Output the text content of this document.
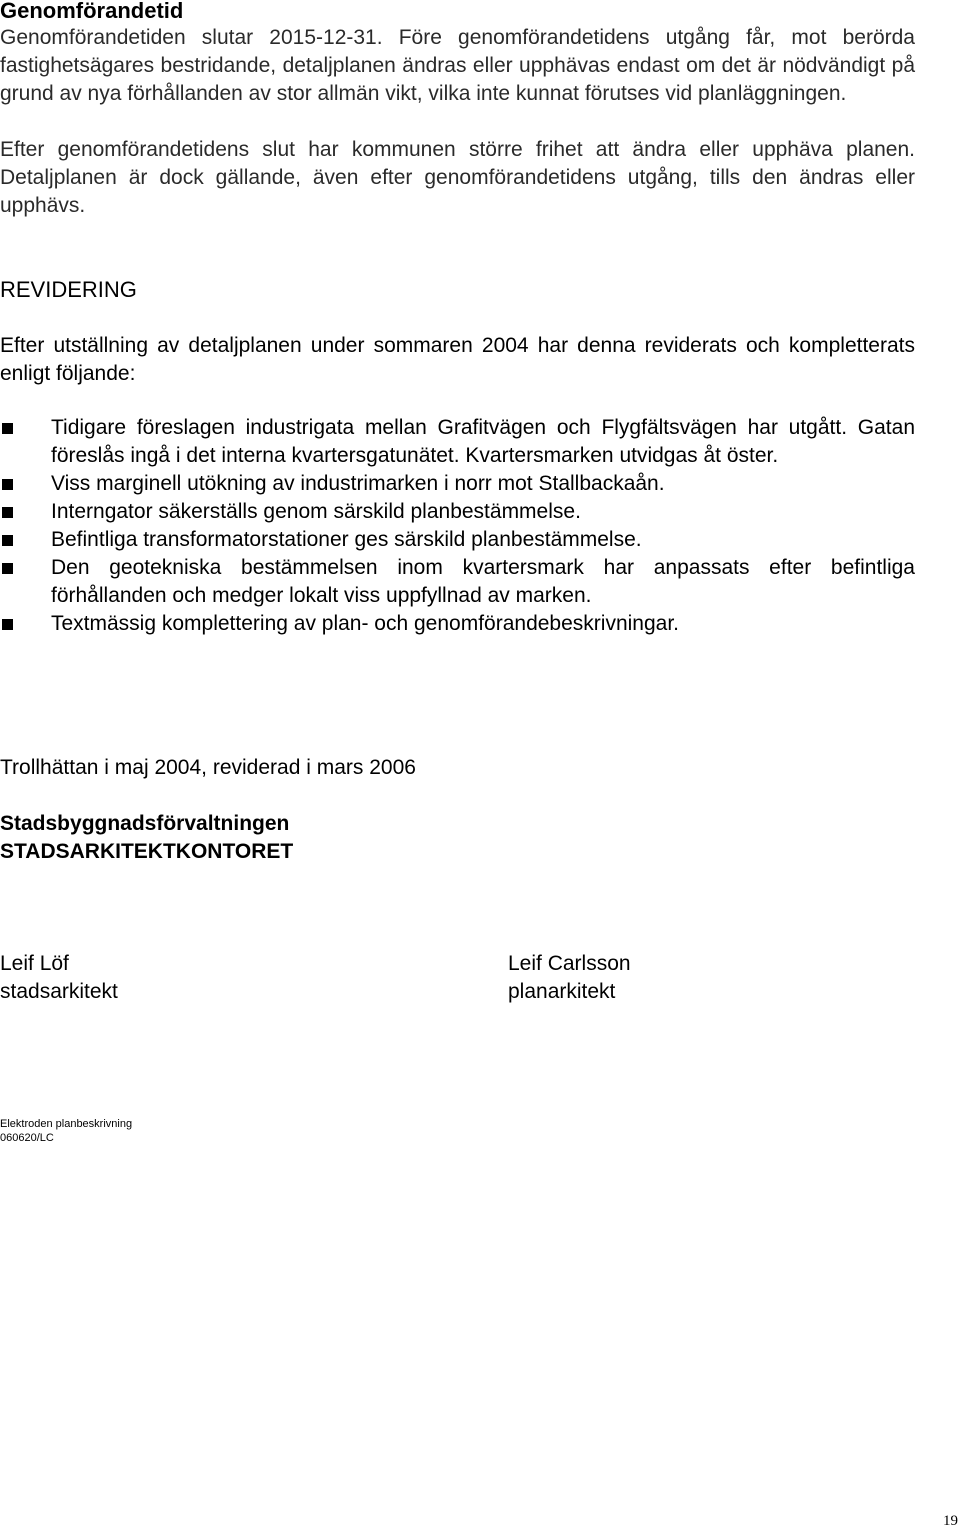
Genomförandetid

Genomförandetiden slutar 2015-12-31. Före genomförandetidens utgång får, mot berörda fastighetsägares bestridande, detaljplanen ändras eller upphävas endast om det är nödvändigt på grund av nya förhållanden av stor allmän vikt, vilka inte kunnat förutses vid planläggningen.

Efter genomförandetidens slut har kommunen större frihet att ändra eller upphäva planen. Detaljplanen är dock gällande, även efter genomförandetidens utgång, tills den ändras eller upphävs.

REVIDERING

Efter utställning av detaljplanen under sommaren 2004 har denna reviderats och kompletterats enligt följande:

Tidigare föreslagen industrigata mellan Grafitvägen och Flygfältsvägen har utgått. Gatan föreslås ingå i det interna kvartersgatunätet. Kvartersmarken utvidgas åt öster.
Viss marginell utökning av industrimarken i norr mot Stallbackaån.
Interngator säkerställs genom särskild planbestämmelse.
Befintliga transformatorstationer ges särskild planbestämmelse.
Den geotekniska bestämmelsen inom kvartersmark har anpassats efter befintliga förhållanden och medger lokalt viss uppfyllnad av marken.
Textmässig komplettering av plan- och genomförandebeskrivningar.

Trollhättan i maj 2004, reviderad i mars 2006

Stadsbyggnadsförvaltningen

STADSARKITEKTKONTORET

Leif Löf
stadsarkitekt
Leif Carlsson
planarkitekt
Elektroden planbeskrivning
060620/LC
19
